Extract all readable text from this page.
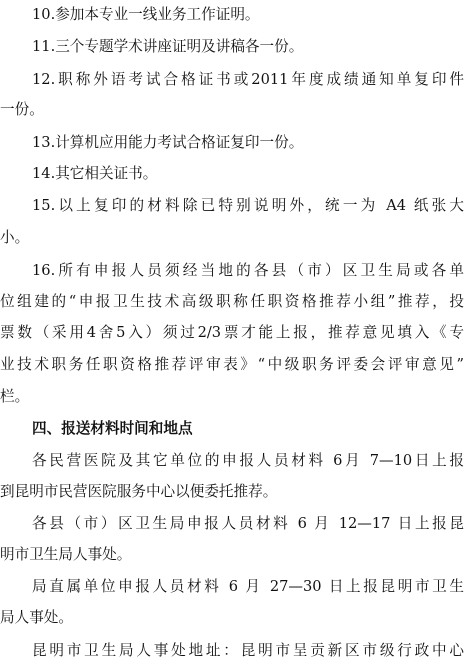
10.参加本专业一线业务工作证明。
11.三个专题学术讲座证明及讲稿各一份。
12.职称外语考试合格证书或2011年度成绩通知单复印件
一份。
13.计算机应用能力考试合格证复印一份。
14.其它相关证书。
15.以上复印的材料除已特别说明外，统一为 A4 纸张大
小。
16.所有申报人员须经当地的各县（市）区卫生局或各单
位组建的“申报卫生技术高级职称任职资格推荐小组”推荐，投
票数（采用4舍5入）须过2/3票才能上报，推荐意见填入《专
业技术职务任职资格推荐评审表》“中级职务评委会评审意见”
栏。
四、报送材料时间和地点
各民营医院及其它单位的申报人员材料 6月 7—10日上报
到昆明市民营医院服务中心以便委托推荐。
各县（市）区卫生局申报人员材料 6 月 12—17 日上报昆
明市卫生局人事处。
局直属单位申报人员材料 6 月 27—30 日上报昆明市卫生
局人事处。
昆明市卫生局人事处地址：昆明市呈贡新区市级行政中心
